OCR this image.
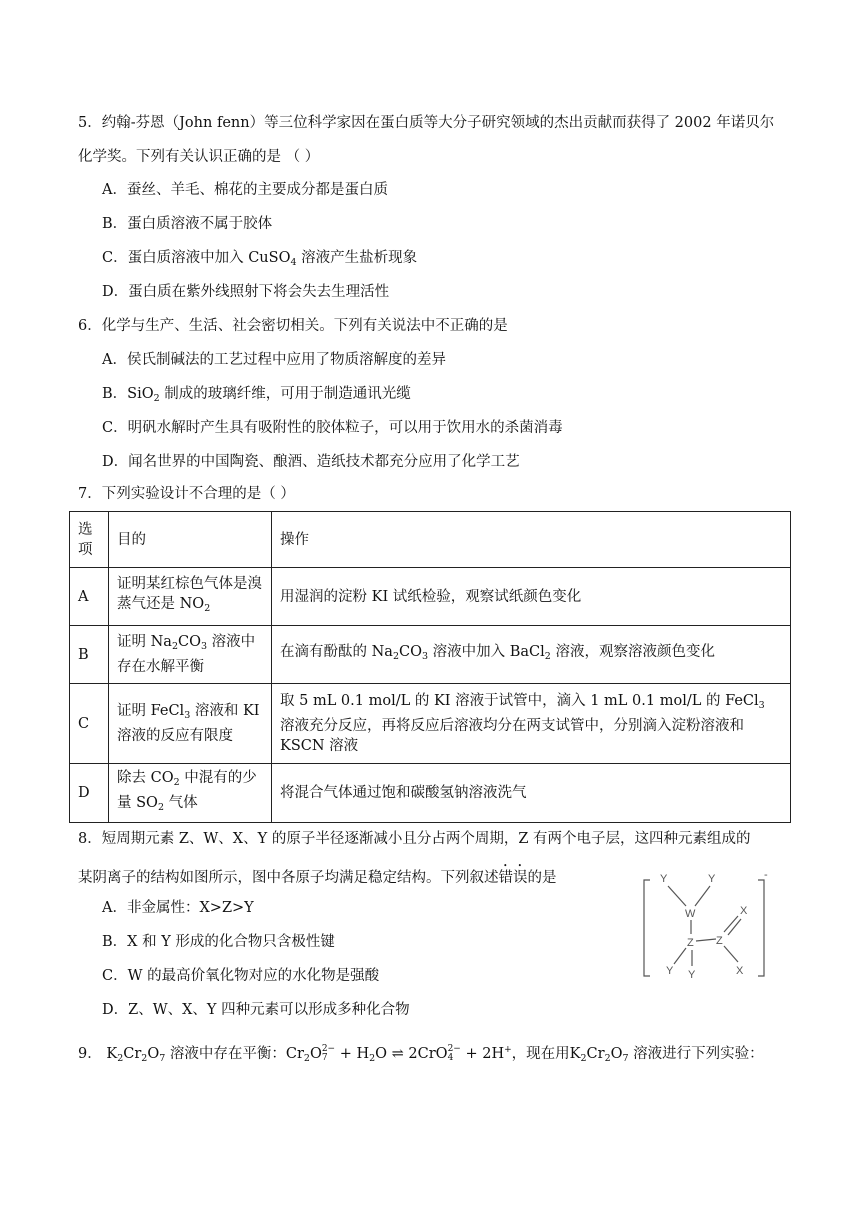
5．约翰-芬恩（John fenn）等三位科学家因在蛋白质等大分子研究领域的杰出贡献而获得了 2002 年诺贝尔
化学奖。下列有关认识正确的是 （ ）
A．蚕丝、羊毛、棉花的主要成分都是蛋白质
B．蛋白质溶液不属于胶体
C．蛋白质溶液中加入 CuSO$_4$ 溶液产生盐析现象
D．蛋白质在紫外线照射下将会失去生理活性
6．化学与生产、生活、社会密切相关。下列有关说法中不正确的是
A．侯氏制碱法的工艺过程中应用了物质溶解度的差异
B．SiO$_2$ 制成的玻璃纤维，可用于制造通讯光缆
C．明矾水解时产生具有吸附性的胶体粒子，可以用于饮用水的杀菌消毒
D．闻名世界的中国陶瓷、酿酒、造纸技术都充分应用了化学工艺
7．下列实验设计不合理的是（ ）
选项	目的	操作
A	证明某红棕色气体是溴蒸气还是 $NO_2$	用湿润的淀粉 KI 试纸检验，观察试纸颜色变化
B	证明 $Na_2CO_3$ 溶液中存在水解平衡	在滴有酚酞的 $Na_2CO_3$ 溶液中加入 BaCl$_2$ 溶液，观察溶液颜色变化
C	证明 FeCl$_3$ 溶液和 KI 溶液的反应有限度	取 5 mL 0.1 mol/L 的 KI 溶液于试管中，滴入 1 mL 0.1 mol/L 的 FeCl$_3$ 溶液充分反应，再将反应后溶液均分在两支试管中，分别滴入淀粉溶液和 KSCN 溶液
D	除去 $CO_2$ 中混有的少量 $SO_2$ 气体	将混合气体通过饱和碳酸氢钠溶液洗气
8．短周期元素 Z、W、X、Y 的原子半径逐渐减小且分占两个周期，Z 有两个电子层，这四种元素组成的
某阴离子的结构如图所示，图中各原子均满足稳定结构。下列叙述错误的是
A．非金属性：X>Z>Y
B．X 和 Y 形成的化合物只含极性键
C．W 的最高价氧化物对应的水化物是强酸
D．Z、W、X、Y 四种元素可以形成多种化合物
Y	Y
W	X
Z Z
Y Y	X
-
9． $K_2Cr_2O_7$ 溶液中存在平衡：$Cr_2O$ 2−
$7 + H_2O$ ⇌ 2CrO 2−
4 + 2H+，现在用$K_2Cr_2O_7$ 溶液进行下列实验：
